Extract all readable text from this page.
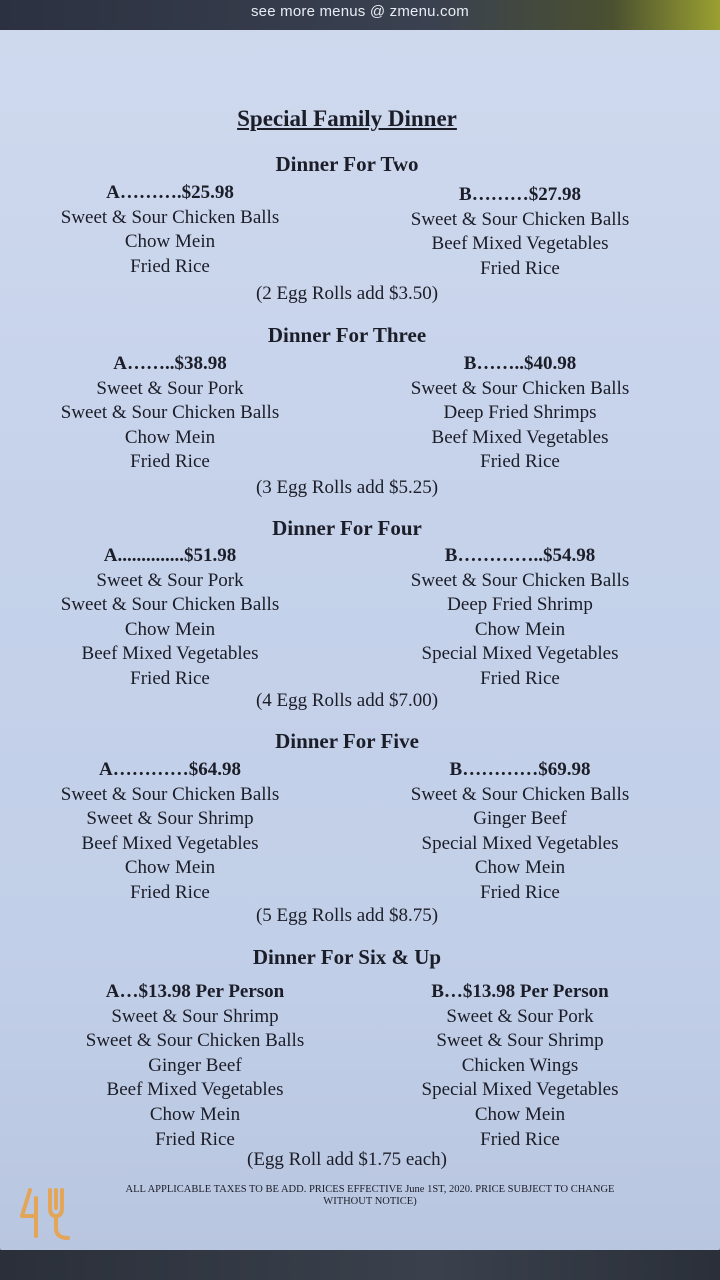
see more menus @ zmenu.com
Special Family Dinner
Dinner For Two
A……….$25.98
Sweet & Sour Chicken Balls
Chow Mein
Fried Rice
B………$27.98
Sweet & Sour Chicken Balls
Beef Mixed Vegetables
Fried Rice
(2 Egg Rolls add $3.50)
Dinner For Three
A……..$38.98
Sweet & Sour Pork
Sweet & Sour Chicken Balls
Chow Mein
Fried Rice
B……..$40.98
Sweet & Sour Chicken Balls
Deep Fried Shrimps
Beef Mixed Vegetables
Fried Rice
(3 Egg Rolls add $5.25)
Dinner For Four
A..............$51.98
Sweet & Sour Pork
Sweet & Sour Chicken Balls
Chow Mein
Beef Mixed Vegetables
Fried Rice
B…………..$54.98
Sweet & Sour Chicken Balls
Deep Fried Shrimp
Chow Mein
Special Mixed Vegetables
Fried Rice
(4 Egg Rolls add $7.00)
Dinner For Five
A…………$64.98
Sweet & Sour Chicken Balls
Sweet & Sour Shrimp
Beef Mixed Vegetables
Chow Mein
Fried Rice
B…………$69.98
Sweet & Sour Chicken Balls
Ginger Beef
Special Mixed Vegetables
Chow Mein
Fried Rice
(5 Egg Rolls add $8.75)
Dinner For Six & Up
A…$13.98 Per Person
Sweet & Sour Shrimp
Sweet & Sour Chicken Balls
Ginger Beef
Beef Mixed Vegetables
Chow Mein
Fried Rice
B…$13.98 Per Person
Sweet & Sour Pork
Sweet & Sour Shrimp
Chicken Wings
Special Mixed Vegetables
Chow Mein
Fried Rice
(Egg Roll add $1.75 each)
ALL APPLICABLE TAXES TO BE ADD. PRICES EFFECTIVE June 1ST, 2020. PRICE SUBJECT TO CHANGE
WITHOUT NOTICE)
